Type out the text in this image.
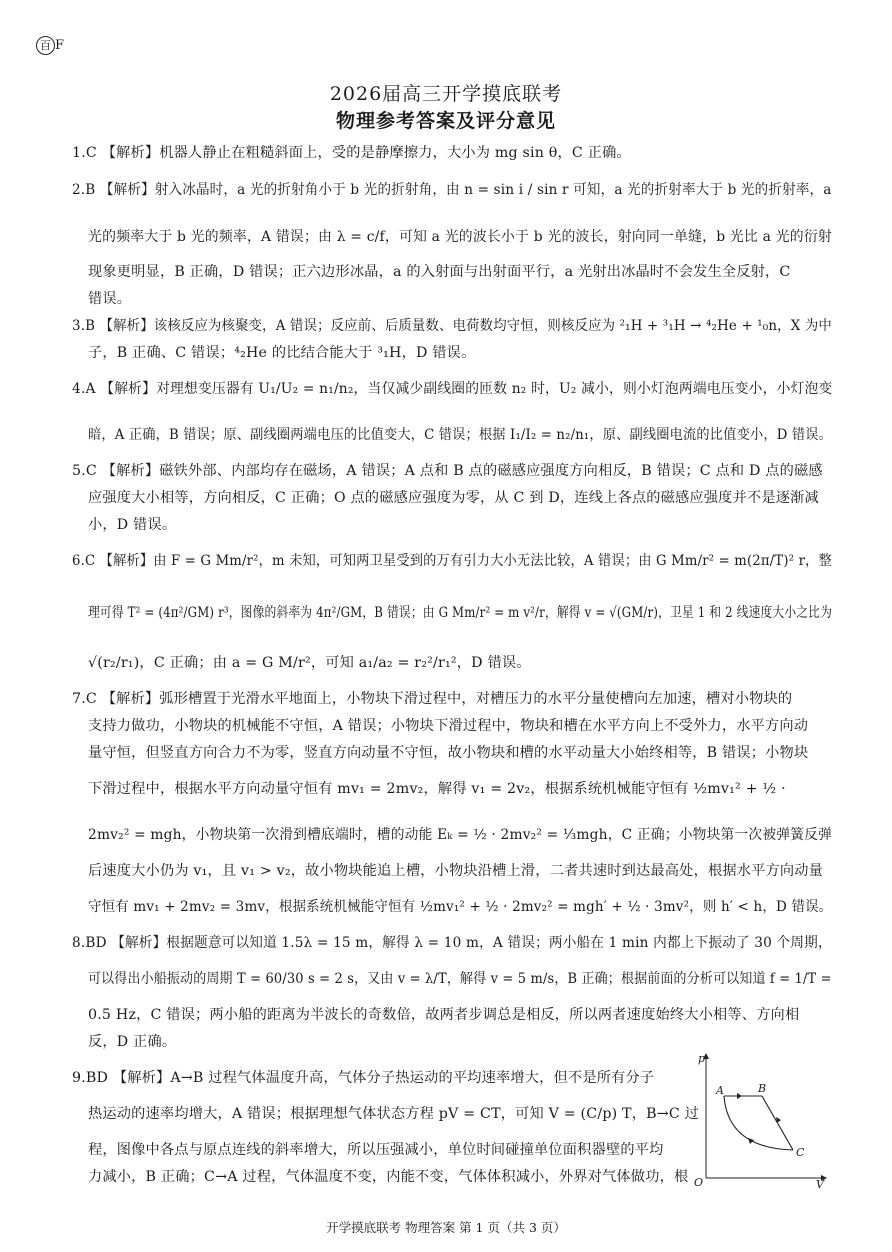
百 F
2026届高三开学摸底联考
物理参考答案及评分意见
1.C 【解析】机器人静止在粗糙斜面上，受的是静摩擦力，大小为 mg sin θ，C 正确。
2.B 【解析】射入冰晶时，a 光的折射角小于 b 光的折射角，由 n = sin i / sin r 可知，a 光的折射率大于 b 光的折射率，a
光的频率大于 b 光的频率，A 错误；由 λ = c/f，可知 a 光的波长小于 b 光的波长，射向同一单缝，b 光比 a 光的衍射
现象更明显，B 正确，D 错误；正六边形冰晶，a 的入射面与出射面平行，a 光射出冰晶时不会发生全反射，C
错误。
3.B 【解析】该核反应为核聚变，A 错误；反应前、后质量数、电荷数均守恒，则核反应为 ²₁H + ³₁H → ⁴₂He + ¹₀n，X 为中
子，B 正确、C 错误；⁴₂He 的比结合能大于 ³₁H，D 错误。
4.A 【解析】对理想变压器有 U₁/U₂ = n₁/n₂，当仅减少副线圈的匝数 n₂ 时，U₂ 减小，则小灯泡两端电压变小，小灯泡变
暗，A 正确，B 错误；原、副线圈两端电压的比值变大，C 错误；根据 I₁/I₂ = n₂/n₁，原、副线圈电流的比值变小，D 错误。
5.C 【解析】磁铁外部、内部均存在磁场，A 错误；A 点和 B 点的磁感应强度方向相反，B 错误；C 点和 D 点的磁感
应强度大小相等，方向相反，C 正确；O 点的磁感应强度为零，从 C 到 D，连线上各点的磁感应强度并不是逐渐减
小，D 错误。
6.C 【解析】由 F = G Mm/r²，m 未知，可知两卫星受到的万有引力大小无法比较，A 错误；由 G Mm/r² = m(2π/T)² r，整
理可得 T² = (4π²/GM) r³，图像的斜率为 4π²/GM，B 错误；由 G Mm/r² = m v²/r，解得 v = √(GM/r)，卫星 1 和 2 线速度大小之比为
√(r₂/r₁)，C 正确；由 a = G M/r²，可知 a₁/a₂ = r₂²/r₁²，D 错误。
7.C 【解析】弧形槽置于光滑水平地面上，小物块下滑过程中，对槽压力的水平分量使槽向左加速，槽对小物块的
支持力做功，小物块的机械能不守恒，A 错误；小物块下滑过程中，物块和槽在水平方向上不受外力，水平方向动
量守恒，但竖直方向合力不为零，竖直方向动量不守恒，故小物块和槽的水平动量大小始终相等，B 错误；小物块
下滑过程中，根据水平方向动量守恒有 mv₁ = 2mv₂，解得 v₁ = 2v₂，根据系统机械能守恒有 ½mv₁² + ½ ·
2mv₂² = mgh，小物块第一次滑到槽底端时，槽的动能 Eₖ = ½ · 2mv₂² = ⅓mgh，C 正确；小物块第一次被弹簧反弹
后速度大小仍为 v₁，且 v₁ > v₂，故小物块能追上槽，小物块沿槽上滑，二者共速时到达最高处，根据水平方向动量
守恒有 mv₁ + 2mv₂ = 3mv，根据系统机械能守恒有 ½mv₁² + ½ · 2mv₂² = mgh′ + ½ · 3mv²，则 h′ < h，D 错误。
8.BD 【解析】根据题意可以知道 1.5λ = 15 m，解得 λ = 10 m，A 错误；两小船在 1 min 内都上下振动了 30 个周期，
可以得出小船振动的周期 T = 60/30 s = 2 s，又由 v = λ/T，解得 v = 5 m/s，B 正确；根据前面的分析可以知道 f = 1/T =
0.5 Hz，C 错误；两小船的距离为半波长的奇数倍，故两者步调总是相反，所以两者速度始终大小相等、方向相
反，D 正确。
9.BD 【解析】A→B 过程气体温度升高，气体分子热运动的平均速率增大，但不是所有分子
热运动的速率均增大，A 错误；根据理想气体状态方程 pV = CT，可知 V = (C/p) T，B→C 过
程，图像中各点与原点连线的斜率增大，所以压强减小，单位时间碰撞单位面积器壁的平均
力减小，B 正确；C→A 过程，气体温度不变，内能不变，气体体积减小，外界对气体做功，根
p
V
O
A	B
C
开学摸底联考 物理答案 第 1 页（共 3 页）
